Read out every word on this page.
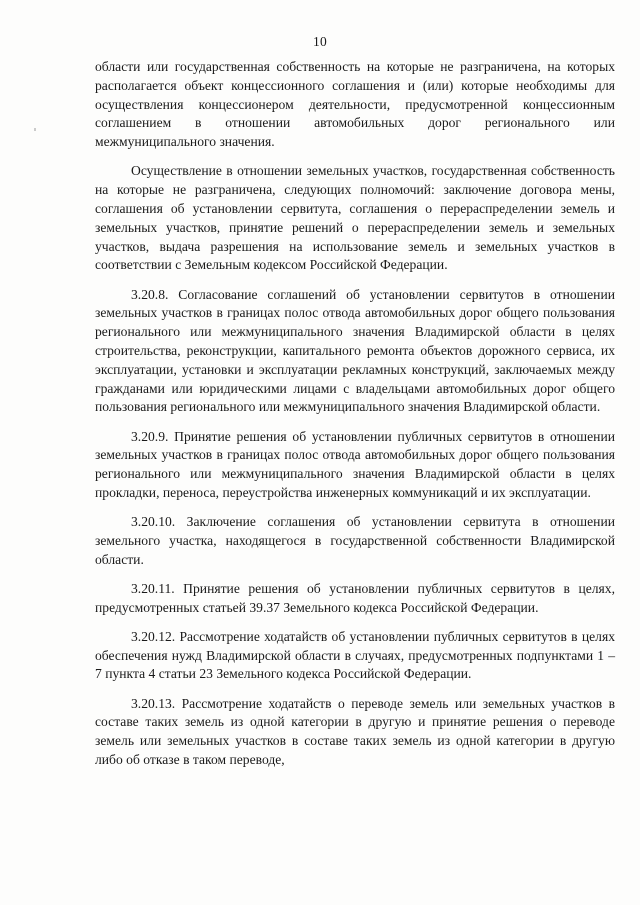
10

области или государственная собственность на которые не разграничена, на которых располагается объект концессионного соглашения и (или) которые необходимы для осуществления концессионером деятельности, предусмотренной концессионным соглашением в отношении автомобильных дорог регионального или межмуниципального значения.

Осуществление в отношении земельных участков, государственная собственность на которые не разграничена, следующих полномочий: заключение договора мены, соглашения об установлении сервитута, соглашения о перераспределении земель и земельных участков, принятие решений о перераспределении земель и земельных участков, выдача разрешения на использование земель и земельных участков в соответствии с Земельным кодексом Российской Федерации.

3.20.8. Согласование соглашений об установлении сервитутов в отношении земельных участков в границах полос отвода автомобильных дорог общего пользования регионального или межмуниципального значения Владимирской области в целях строительства, реконструкции, капитального ремонта объектов дорожного сервиса, их эксплуатации, установки и эксплуатации рекламных конструкций, заключаемых между гражданами или юридическими лицами с владельцами автомобильных дорог общего пользования регионального или межмуниципального значения Владимирской области.

3.20.9. Принятие решения об установлении публичных сервитутов в отношении земельных участков в границах полос отвода автомобильных дорог общего пользования регионального или межмуниципального значения Владимирской области в целях прокладки, переноса, переустройства инженерных коммуникаций и их эксплуатации.

3.20.10. Заключение соглашения об установлении сервитута в отношении земельного участка, находящегося в государственной собственности Владимирской области.

3.20.11. Принятие решения об установлении публичных сервитутов в целях, предусмотренных статьей 39.37 Земельного кодекса Российской Федерации.

3.20.12. Рассмотрение ходатайств об установлении публичных сервитутов в целях обеспечения нужд Владимирской области в случаях, предусмотренных подпунктами 1 – 7 пункта 4 статьи 23 Земельного кодекса Российской Федерации.

3.20.13. Рассмотрение ходатайств о переводе земель или земельных участков в составе таких земель из одной категории в другую и принятие решения о переводе земель или земельных участков в составе таких земель из одной категории в другую либо об отказе в таком переводе,
